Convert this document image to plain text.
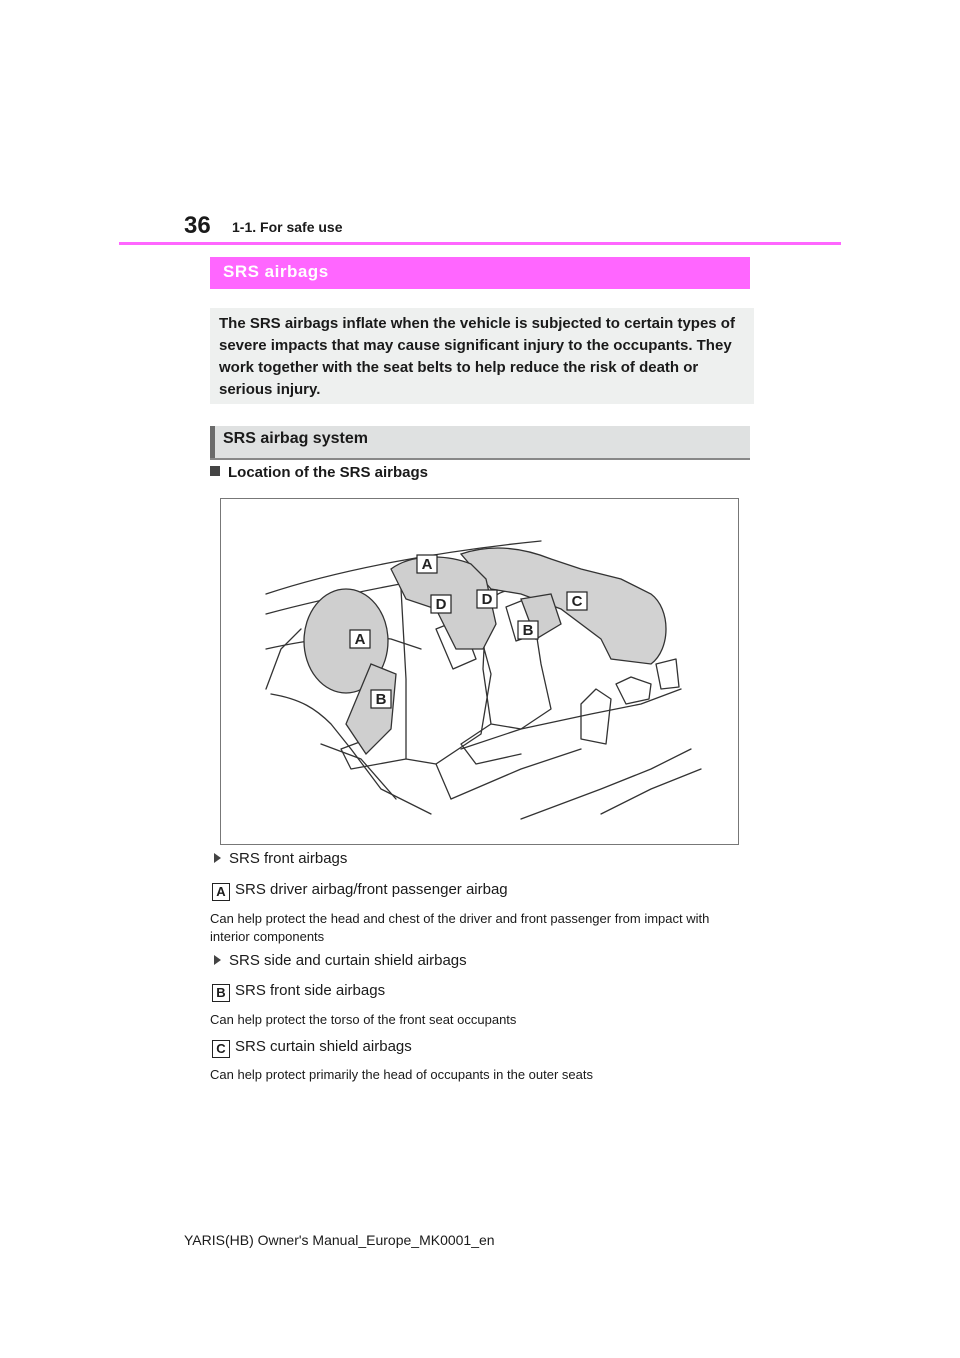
36 1-1. For safe use
SRS airbags

The SRS airbags inflate when the vehicle is subjected to certain types of severe impacts that may cause significant injury to the occupants. They work together with the seat belts to help reduce the risk of death or serious injury.

SRS airbag system
Location of the SRS airbags
A
D D	C
A
B
B
SRS front airbags
A SRS driver airbag/front passenger airbag
Can help protect the head and chest of the driver and front passenger from impact with interior components
SRS side and curtain shield airbags
B SRS front side airbags
Can help protect the torso of the front seat occupants
C SRS curtain shield airbags
Can help protect primarily the head of occupants in the outer seats
YARIS(HB) Owner's Manual_Europe_MK0001_en
